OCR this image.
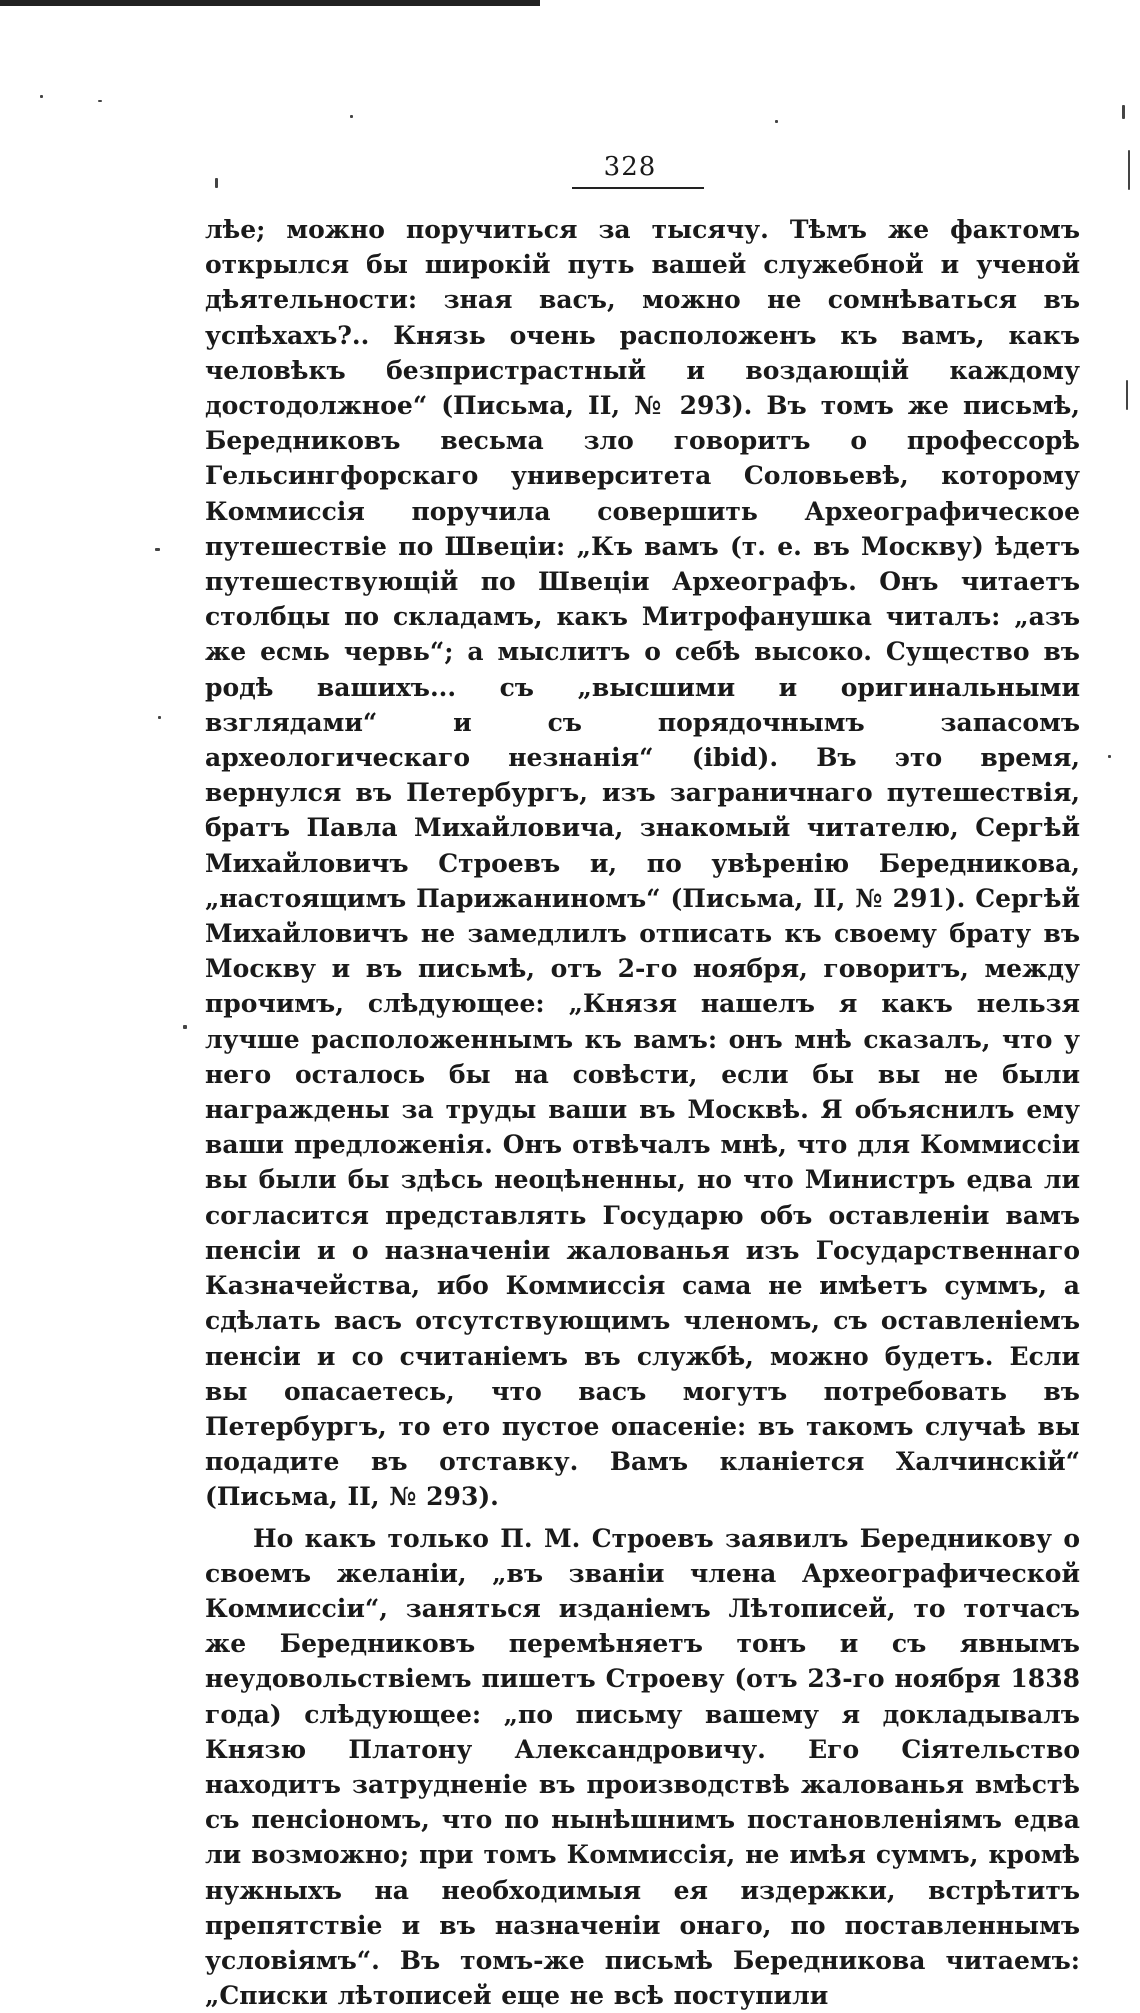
328

лѣе; можно поручиться за тысячу. Тѣмъ же фактомъ открылся бы широкій путь вашей служебной и ученой дѣятельности: зная васъ, можно не сомнѣваться въ успѣхахъ?.. Князь очень расположенъ къ вамъ, какъ человѣкъ безпристрастный и воздающій каждому достодолжное“ (Письма, II, № 293). Въ томъ же письмѣ, Бередниковъ весьма зло говоритъ о профессорѣ Гельсингфорскаго университета Соловьевѣ, которому Коммиссія поручила совершить Археографическое путешествіе по Швеціи: „Къ вамъ (т. е. въ Москву) ѣдетъ путешествующій по Швеціи Археографъ. Онъ читаетъ столбцы по складамъ, какъ Митрофанушка читалъ: „азъ же есмь червь“; а мыслитъ о себѣ высоко. Существо въ родѣ вашихъ... съ „высшими и оригинальными взглядами“ и съ порядочнымъ запасомъ археологическаго незнанія“ (ibid). Въ это время, вернулся въ Петербургъ, изъ заграничнаго путешествія, братъ Павла Михайловича, знакомый читателю, Сергѣй Михайловичъ Строевъ и, по увѣренію Бередникова, „настоящимъ Парижаниномъ“ (Письма, II, № 291). Сергѣй Михайловичъ не замедлилъ отписать къ своему брату въ Москву и въ письмѣ, отъ 2-го ноября, говоритъ, между прочимъ, слѣдующее: „Князя нашелъ я какъ нельзя лучше расположеннымъ къ вамъ: онъ мнѣ сказалъ, что у него осталось бы на совѣсти, если бы вы не были награждены за труды ваши въ Москвѣ. Я объяснилъ ему ваши предложенія. Онъ отвѣчалъ мнѣ, что для Коммиссіи вы были бы здѣсь неоцѣненны, но что Министръ едва ли согласится представлять Государю объ оставленіи вамъ пенсіи и о назначеніи жалованья изъ Государственнаго Казначейства, ибо Коммиссія сама не имѣетъ суммъ, а сдѣлать васъ отсутствующимъ членомъ, съ оставленіемъ пенсіи и со считаніемъ въ службѣ, можно будетъ. Если вы опасаетесь, что васъ могутъ потребовать въ Петербургъ, то ето пустое опасеніе: въ такомъ случаѣ вы подадите въ отставку. Вамъ кланіется Халчинскій“ (Письма, II, № 293).

Но какъ только П. М. Строевъ заявилъ Бередникову о своемъ желаніи, „въ званіи члена Археографической Коммиссіи“, заняться изданіемъ Лѣтописей, то тотчасъ же Бередниковъ перемѣняетъ тонъ и съ явнымъ неудовольствіемъ пишетъ Строеву (отъ 23-го ноября 1838 года) слѣдующее: „по письму вашему я докладывалъ Князю Платону Александровичу. Его Сіятельство находитъ затрудненіе въ производствѣ жалованья вмѣстѣ съ пенсіономъ, что по нынѣшнимъ постановленіямъ едва ли возможно; при томъ Коммиссія, не имѣя суммъ, кромѣ нужныхъ на необходимыя ея издержки, встрѣтитъ препятствіе и въ назначеніи онаго, по поставленнымъ условіямъ“. Въ томъ-же письмѣ Бередникова читаемъ: „Списки лѣтописей еще не всѣ поступили
